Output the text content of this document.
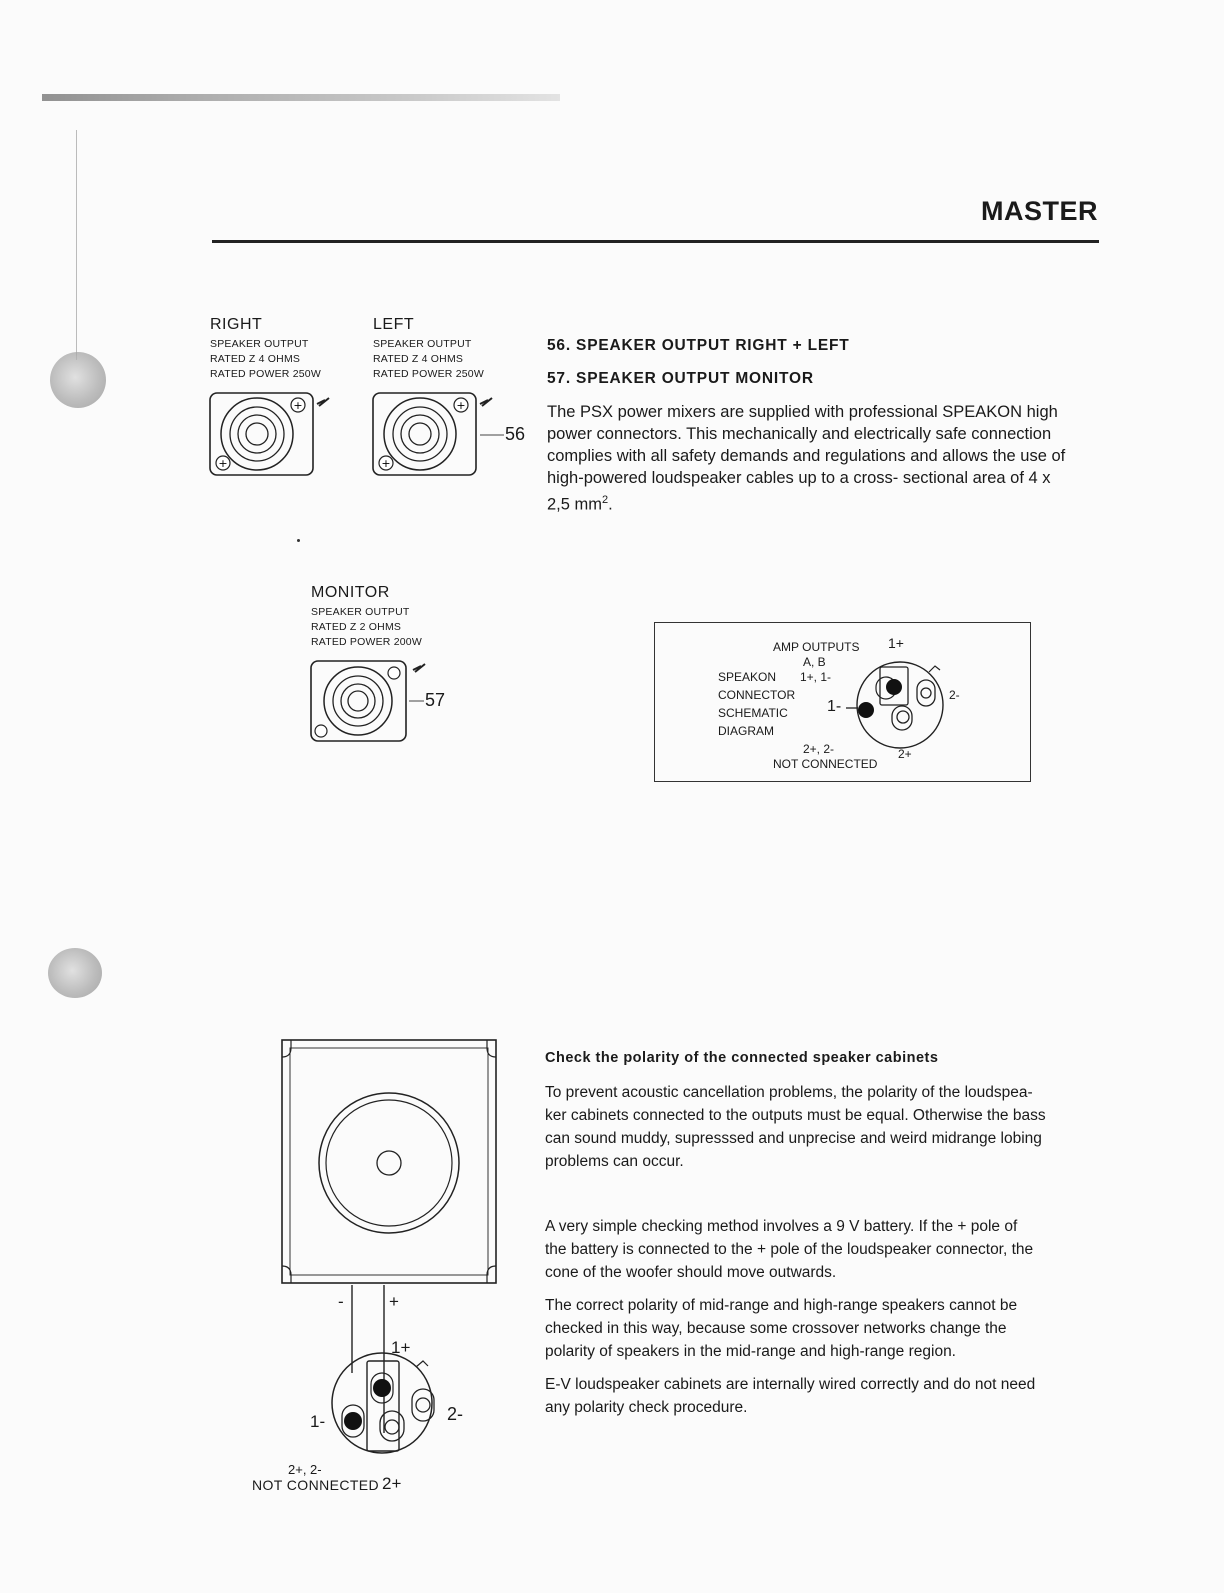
MASTER
RIGHT
SPEAKER OUTPUT
RATED Z 4 OHMS
RATED POWER 250W
+
+
LEFT
SPEAKER OUTPUT
RATED Z 4 OHMS
RATED POWER 250W
+
+
56
MONITOR
SPEAKER OUTPUT
RATED Z 2 OHMS
RATED POWER 200W
57
56. SPEAKER OUTPUT RIGHT + LEFT
57. SPEAKER OUTPUT MONITOR
The PSX power mixers are supplied with professional SPEAKON high
power connectors. This mechanically and electrically safe connection
complies with all safety demands and regulations and allows the use of
high-powered loudspeaker cables up to a cross- sectional area of 4 x
2,5 $mm^2$.
AMP OUTPUTS
A, B
1+, 1-
SPEAKON
CONNECTOR
SCHEMATIC
DIAGRAM
2+, 2-
NOT CONNECTED
1+
1-
2-
2+
-	+
1+
1-	2-
2+, 2-
NOT CONNECTED 2+
Check the polarity of the connected speaker cabinets
To prevent acoustic cancellation problems, the polarity of the loudspea-
ker cabinets connected to the outputs must be equal. Otherwise the bass
can sound muddy, supresssed and unprecise and weird midrange lobing
problems can occur.
A very simple checking method involves a 9 V battery. If the + pole of
the battery is connected to the + pole of the loudspeaker connector, the
cone of the woofer should move outwards.
The correct polarity of mid-range and high-range speakers cannot be
checked in this way, because some crossover networks change the
polarity of speakers in the mid-range and high-range region.
E-V loudspeaker cabinets are internally wired correctly and do not need
any polarity check procedure.
